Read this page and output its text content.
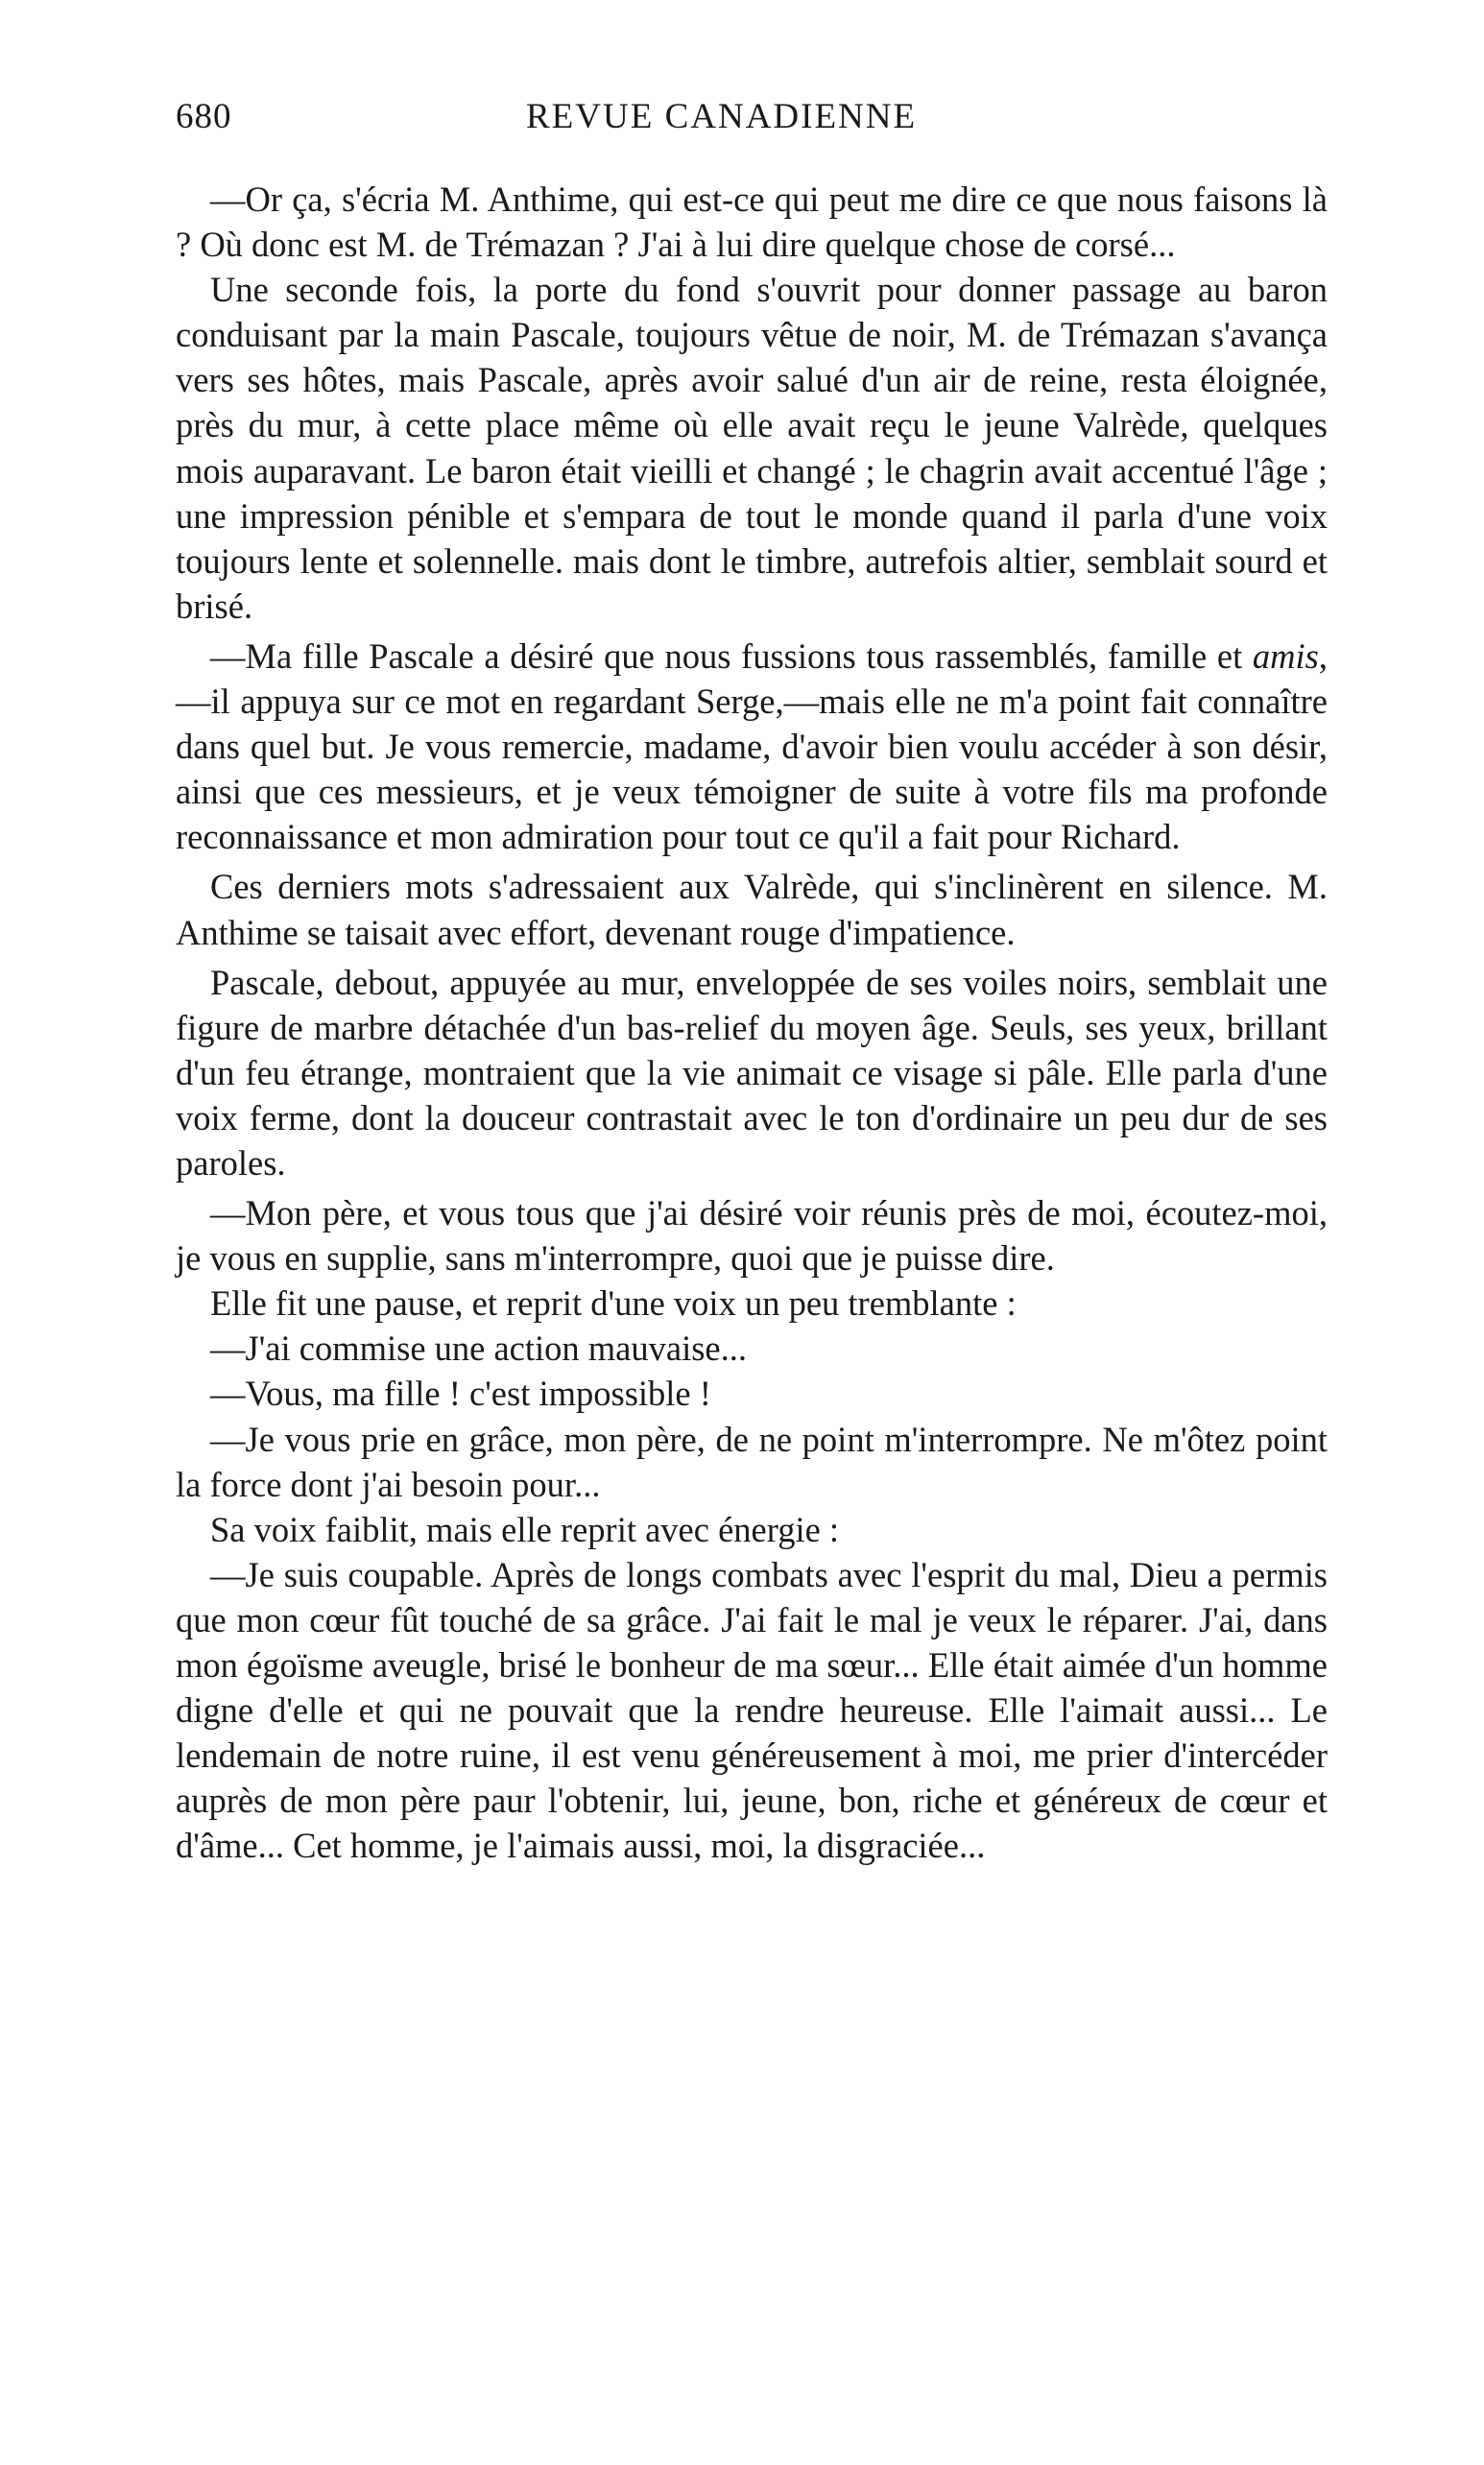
680	REVUE CANADIENNE

—Or ça, s'écria M. Anthime, qui est-ce qui peut me dire ce que nous faisons là ? Où donc est M. de Trémazan ? J'ai à lui dire quelque chose de corsé...

Une seconde fois, la porte du fond s'ouvrit pour donner passage au baron conduisant par la main Pascale, toujours vêtue de noir, M. de Trémazan s'avança vers ses hôtes, mais Pascale, après avoir salué d'un air de reine, resta éloignée, près du mur, à cette place même où elle avait reçu le jeune Valrède, quelques mois auparavant. Le baron était vieilli et changé ; le chagrin avait accentué l'âge ; une impression pénible et s'empara de tout le monde quand il parla d'une voix toujours lente et solennelle. mais dont le timbre, autrefois altier, semblait sourd et brisé.

—Ma fille Pascale a désiré que nous fussions tous rassemblés, famille et amis,—il appuya sur ce mot en regardant Serge,—mais elle ne m'a point fait connaître dans quel but. Je vous remercie, madame, d'avoir bien voulu accéder à son désir, ainsi que ces messieurs, et je veux témoigner de suite à votre fils ma profonde reconnaissance et mon admiration pour tout ce qu'il a fait pour Richard.

Ces derniers mots s'adressaient aux Valrède, qui s'inclinèrent en silence. M. Anthime se taisait avec effort, devenant rouge d'impatience.

Pascale, debout, appuyée au mur, enveloppée de ses voiles noirs, semblait une figure de marbre détachée d'un bas-relief du moyen âge. Seuls, ses yeux, brillant d'un feu étrange, montraient que la vie animait ce visage si pâle. Elle parla d'une voix ferme, dont la douceur contrastait avec le ton d'ordinaire un peu dur de ses paroles.

—Mon père, et vous tous que j'ai désiré voir réunis près de moi, écoutez-moi, je vous en supplie, sans m'interrompre, quoi que je puisse dire.

Elle fit une pause, et reprit d'une voix un peu tremblante :

—J'ai commise une action mauvaise...

—Vous, ma fille ! c'est impossible !

—Je vous prie en grâce, mon père, de ne point m'interrompre. Ne m'ôtez point la force dont j'ai besoin pour...

Sa voix faiblit, mais elle reprit avec énergie :

—Je suis coupable. Après de longs combats avec l'esprit du mal, Dieu a permis que mon cœur fût touché de sa grâce. J'ai fait le mal je veux le réparer. J'ai, dans mon égoïsme aveugle, brisé le bonheur de ma sœur... Elle était aimée d'un homme digne d'elle et qui ne pouvait que la rendre heureuse. Elle l'aimait aussi... Le lendemain de notre ruine, il est venu généreusement à moi, me prier d'intercéder auprès de mon père paur l'obtenir, lui, jeune, bon, riche et généreux de cœur et d'âme... Cet homme, je l'aimais aussi, moi, la disgraciée...
